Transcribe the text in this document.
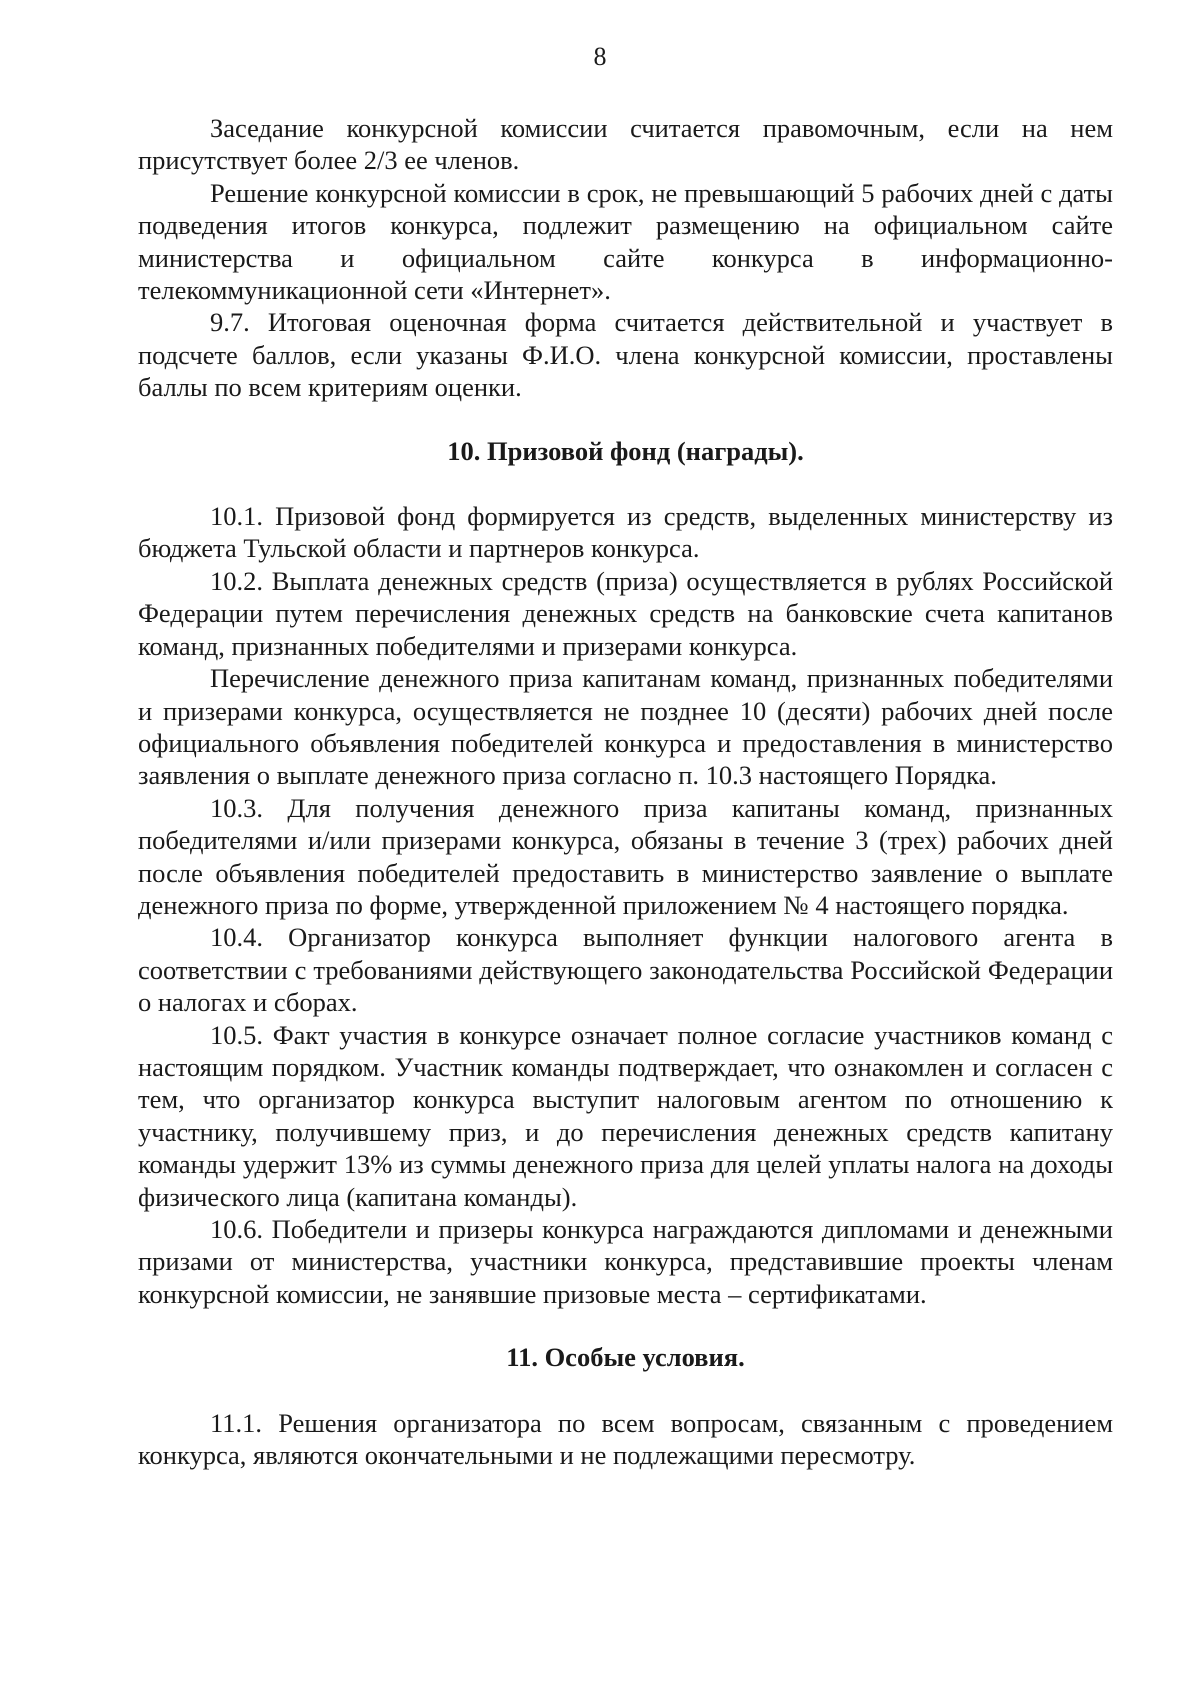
8

Заседание конкурсной комиссии считается правомочным, если на нем присутствует более 2/3 ее членов.

Решение конкурсной комиссии в срок, не превышающий 5 рабочих дней с даты подведения итогов конкурса, подлежит размещению на официальном сайте министерства и официальном сайте конкурса в информационно-телекоммуникационной сети «Интернет».

9.7. Итоговая оценочная форма считается действительной и участвует в подсчете баллов, если указаны Ф.И.О. члена конкурсной комиссии, проставлены баллы по всем критериям оценки.

10. Призовой фонд (награды).

10.1. Призовой фонд формируется из средств, выделенных министерству из бюджета Тульской области и партнеров конкурса.

10.2. Выплата денежных средств (приза) осуществляется в рублях Российской Федерации путем перечисления денежных средств на банковские счета капитанов команд, признанных победителями и призерами конкурса.

Перечисление денежного приза капитанам команд, признанных победителями и призерами конкурса, осуществляется не позднее 10 (десяти) рабочих дней после официального объявления победителей конкурса и предоставления в министерство заявления о выплате денежного приза согласно п. 10.3 настоящего Порядка.

10.3. Для получения денежного приза капитаны команд, признанных победителями и/или призерами конкурса, обязаны в течение 3 (трех) рабочих дней после объявления победителей предоставить в министерство заявление о выплате денежного приза по форме, утвержденной приложением № 4 настоящего порядка.

10.4. Организатор конкурса выполняет функции налогового агента в соответствии с требованиями действующего законодательства Российской Федерации о налогах и сборах.

10.5. Факт участия в конкурсе означает полное согласие участников команд с настоящим порядком. Участник команды подтверждает, что ознакомлен и согласен с тем, что организатор конкурса выступит налоговым агентом по отношению к участнику, получившему приз, и до перечисления денежных средств капитану команды удержит 13% из суммы денежного приза для целей уплаты налога на доходы физического лица (капитана команды).

10.6. Победители и призеры конкурса награждаются дипломами и денежными призами от министерства, участники конкурса, представившие проекты членам конкурсной комиссии, не занявшие призовые места – сертификатами.

11. Особые условия.

11.1. Решения организатора по всем вопросам, связанным с проведением конкурса, являются окончательными и не подлежащими пересмотру.
